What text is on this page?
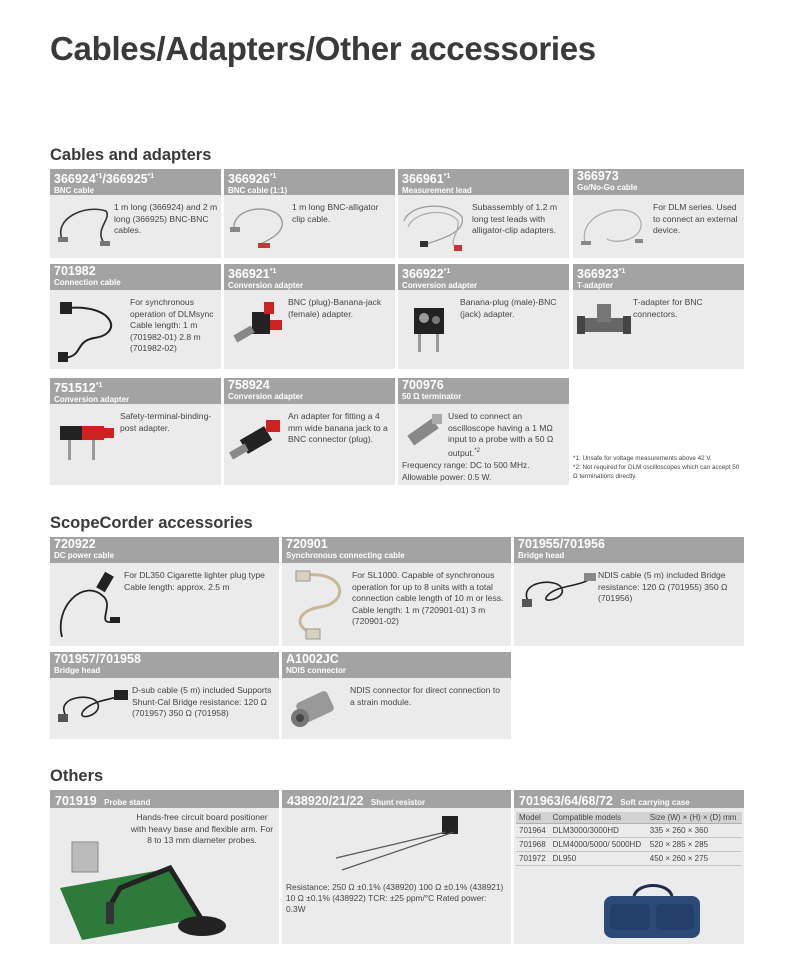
Cables/Adapters/Other accessories
Cables and adapters
366924$^{*1}$/366925$^{*1}$
BNC cable
1 m long (366924) and 2 m long (366925) BNC-BNC cables.
366926$^{*1}$
BNC cable (1:1)
1 m long BNC-alligator clip cable.
366961$^{*1}$
Measurement lead
Subassembly of 1.2 m long test leads with alligator-clip adapters.
366973
Go/No-Go cable
For DLM series. Used to connect an external device.
701982
Connection cable
For synchronous operation of DLMsync Cable length: 1 m (701982-01) 2.8 m (701982-02)
366921$^{*1}$
Conversion adapter
BNC (plug)-Banana-jack (female) adapter.
366922$^{*1}$
Conversion adapter
Banana-plug (male)-BNC (jack) adapter.
366923$^{*1}$
T-adapter
T-adapter for BNC connectors.
751512$^{*1}$
Conversion adapter
Safety-terminal-binding-post adapter.
758924
Conversion adapter
An adapter for fitting a 4 mm wide banana jack to a BNC connector (plug).
700976
50 Ω terminator
Used to connect an oscilloscope having a 1 MΩ input to a probe with a 50 Ω output.$^{*2}$
Frequency range: DC to 500 MHz.
Allowable power: 0.5 W.
*1: Unsafe for voltage measurements above 42 V.
*2: Not required for DLM oscilloscopes which can accept 50 Ω terminations directly.
ScopeCorder accessories
720922
DC power cable
For DL350 Cigarette lighter plug type Cable length: approx. 2.5 m
720901
Synchronous connecting cable
For SL1000. Capable of synchronous operation for up to 8 units with a total connection cable length of 10 m or less. Cable length: 1 m (720901-01) 3 m (720901-02)
701955/701956
Bridge head
NDIS cable (5 m) included Bridge resistance: 120 Ω (701955) 350 Ω (701956)
701957/701958
Bridge head
D-sub cable (5 m) included Supports Shunt-Cal Bridge resistance: 120 Ω (701957) 350 Ω (701958)
A1002JC
NDIS connector
NDIS connector for direct connection to a strain module.
Others
701919 Probe stand
Hands-free circuit board positioner with heavy base and flexible arm. For 8 to 13 mm diameter probes.
438920/21/22 Shunt resistor
Resistance: 250 Ω ±0.1% (438920) 100 Ω ±0.1% (438921) 10 Ω ±0.1% (438922) TCR: ±25 ppm/°C Rated power: 0.3W
701963/64/68/72 Soft carrying case
Model	Compatible models	Size (W) × (H) × (D) mm
701964	DLM3000/3000HD	335 × 260 × 360
701968	DLM4000/5000/ 5000HD	520 × 285 × 285
701972	DL950	450 × 260 × 275
